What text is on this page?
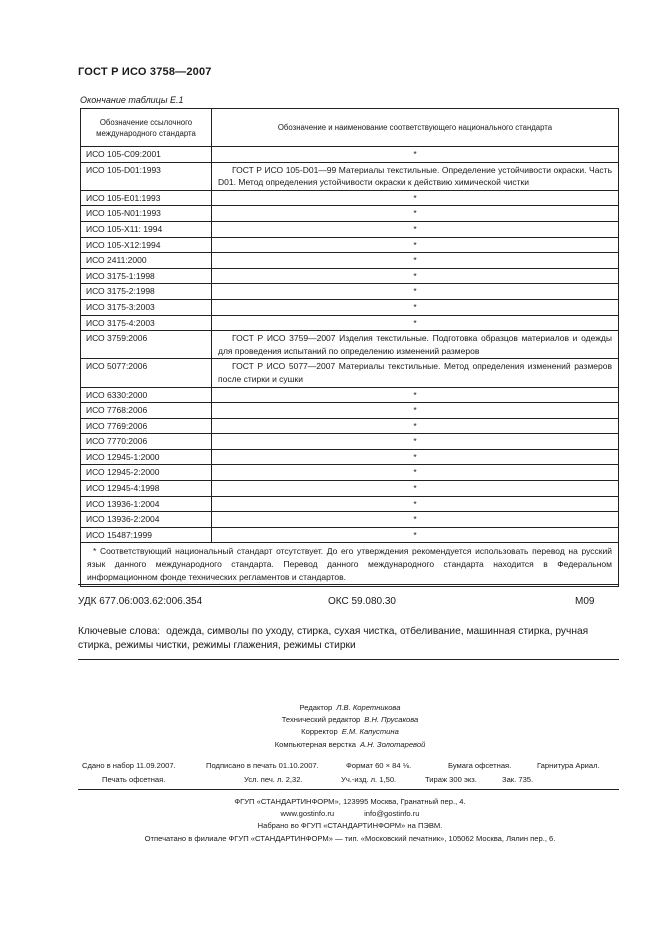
ГОСТ Р ИСО 3758—2007
Окончание таблицы Е.1
Обозначение ссылочного международного стандарта	Обозначение и наименование соответствующего национального стандарта
ИСО 105-С09:2001	*
ИСО 105-D01:1993	ГОСТ Р ИСО 105-D01—99 Материалы текстильные. Определение устойчивости окраски. Часть D01. Метод определения устойчивости окраски к действию химической чистки
ИСО 105-Е01:1993	*
ИСО 105-N01:1993	*
ИСО 105-Х11: 1994	*
ИСО 105-Х12:1994	*
ИСО 2411:2000	*
ИСО 3175-1:1998	*
ИСО 3175-2:1998	*
ИСО 3175-3:2003	*
ИСО 3175-4:2003	*
ИСО 3759:2006	ГОСТ Р ИСО 3759—2007 Изделия текстильные. Подготовка образцов материалов и одежды для проведения испытаний по определению изменений размеров
ИСО 5077:2006	ГОСТ Р ИСО 5077—2007 Материалы текстильные. Метод определения изменений размеров после стирки и сушки
ИСО 6330:2000	*
ИСО 7768:2006	*
ИСО 7769:2006	*
ИСО 7770:2006	*
ИСО 12945-1:2000	*
ИСО 12945-2:2000	*
ИСО 12945-4:1998	*
ИСО 13936-1:2004	*
ИСО 13936-2:2004	*
ИСО 15487:1999	*
* Соответствующий национальный стандарт отсутствует. До его утверждения рекомендуется использовать перевод на русский язык данного международного стандарта. Перевод данного международного стандарта находится в Федеральном информационном фонде технических регламентов и стандартов.	
УДК 677.06:003.62:006.354	ОКС 59.080.30	М09
Ключевые слова: одежда, символы по уходу, стирка, сухая чистка, отбеливание, машинная стирка, ручная стирка, режимы чистки, режимы глажения, режимы стирки
Редактор Л.В. Коретникова
Технический редактор В.Н. Прусакова
Корректор Е.М. Капустина
Компьютерная верстка А.Н. Золотаревой
Сдано в набор 11.09.2007.	Подписано в печать 01.10.2007.	Формат 60 × 84 ⅛.	Бумага офсетная.	Гарнитура Ариал.
Печать офсетная.	Усл. печ. л. 2,32.	Уч.-изд. л. 1,50.	Тираж 300 экз.	Зак. 735.
ФГУП «СТАНДАРТИНФОРМ», 123995 Москва, Гранатный пер., 4.
www.gostinfo.ru	info@gostinfo.ru
Набрано во ФГУП «СТАНДАРТИНФОРМ» на ПЭВМ.
Отпечатано в филиале ФГУП «СТАНДАРТИНФОРМ» — тип. «Московский печатник», 105062 Москва, Лялин пер., 6.
